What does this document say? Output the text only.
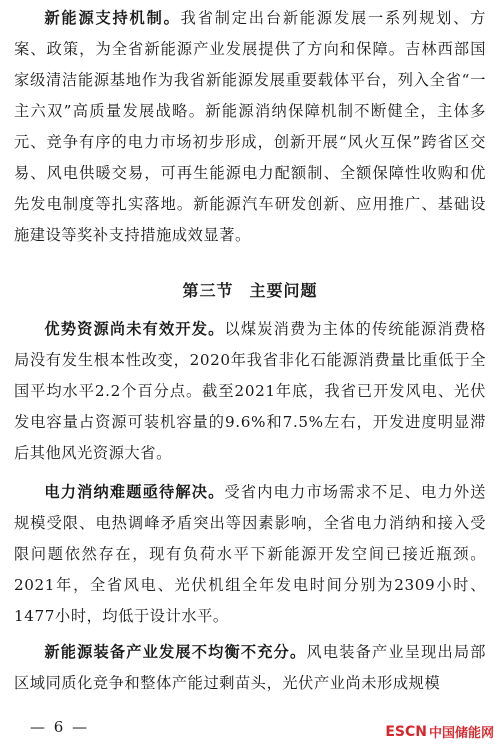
新能源支持机制。我省制定出台新能源发展一系列规划、方案、政策，为全省新能源产业发展提供了方向和保障。吉林西部国家级清洁能源基地作为我省新能源发展重要载体平台，列入全省“一主六双”高质量发展战略。新能源消纳保障机制不断健全，主体多元、竞争有序的电力市场初步形成，创新开展“风火互保”跨省区交易、风电供暖交易，可再生能源电力配额制、全额保障性收购和优先发电制度等扎实落地。新能源汽车研发创新、应用推广、基础设施建设等奖补支持措施成效显著。

第三节 主要问题

优势资源尚未有效开发。以煤炭消费为主体的传统能源消费格局没有发生根本性改变，2020年我省非化石能源消费量比重低于全国平均水平2.2个百分点。截至2021年底，我省已开发风电、光伏发电容量占资源可装机容量的9.6%和7.5%左右，开发进度明显滞后其他风光资源大省。

电力消纳难题亟待解决。受省内电力市场需求不足、电力外送规模受限、电热调峰矛盾突出等因素影响，全省电力消纳和接入受限问题依然存在，现有负荷水平下新能源开发空间已接近瓶颈。2021年，全省风电、光伏机组全年发电时间分别为2309小时、1477小时，均低于设计水平。

新能源装备产业发展不均衡不充分。风电装备产业呈现出局部区域同质化竞争和整体产能过剩苗头，光伏产业尚未形成规模

— 6 —	ESCN 中国储能网
